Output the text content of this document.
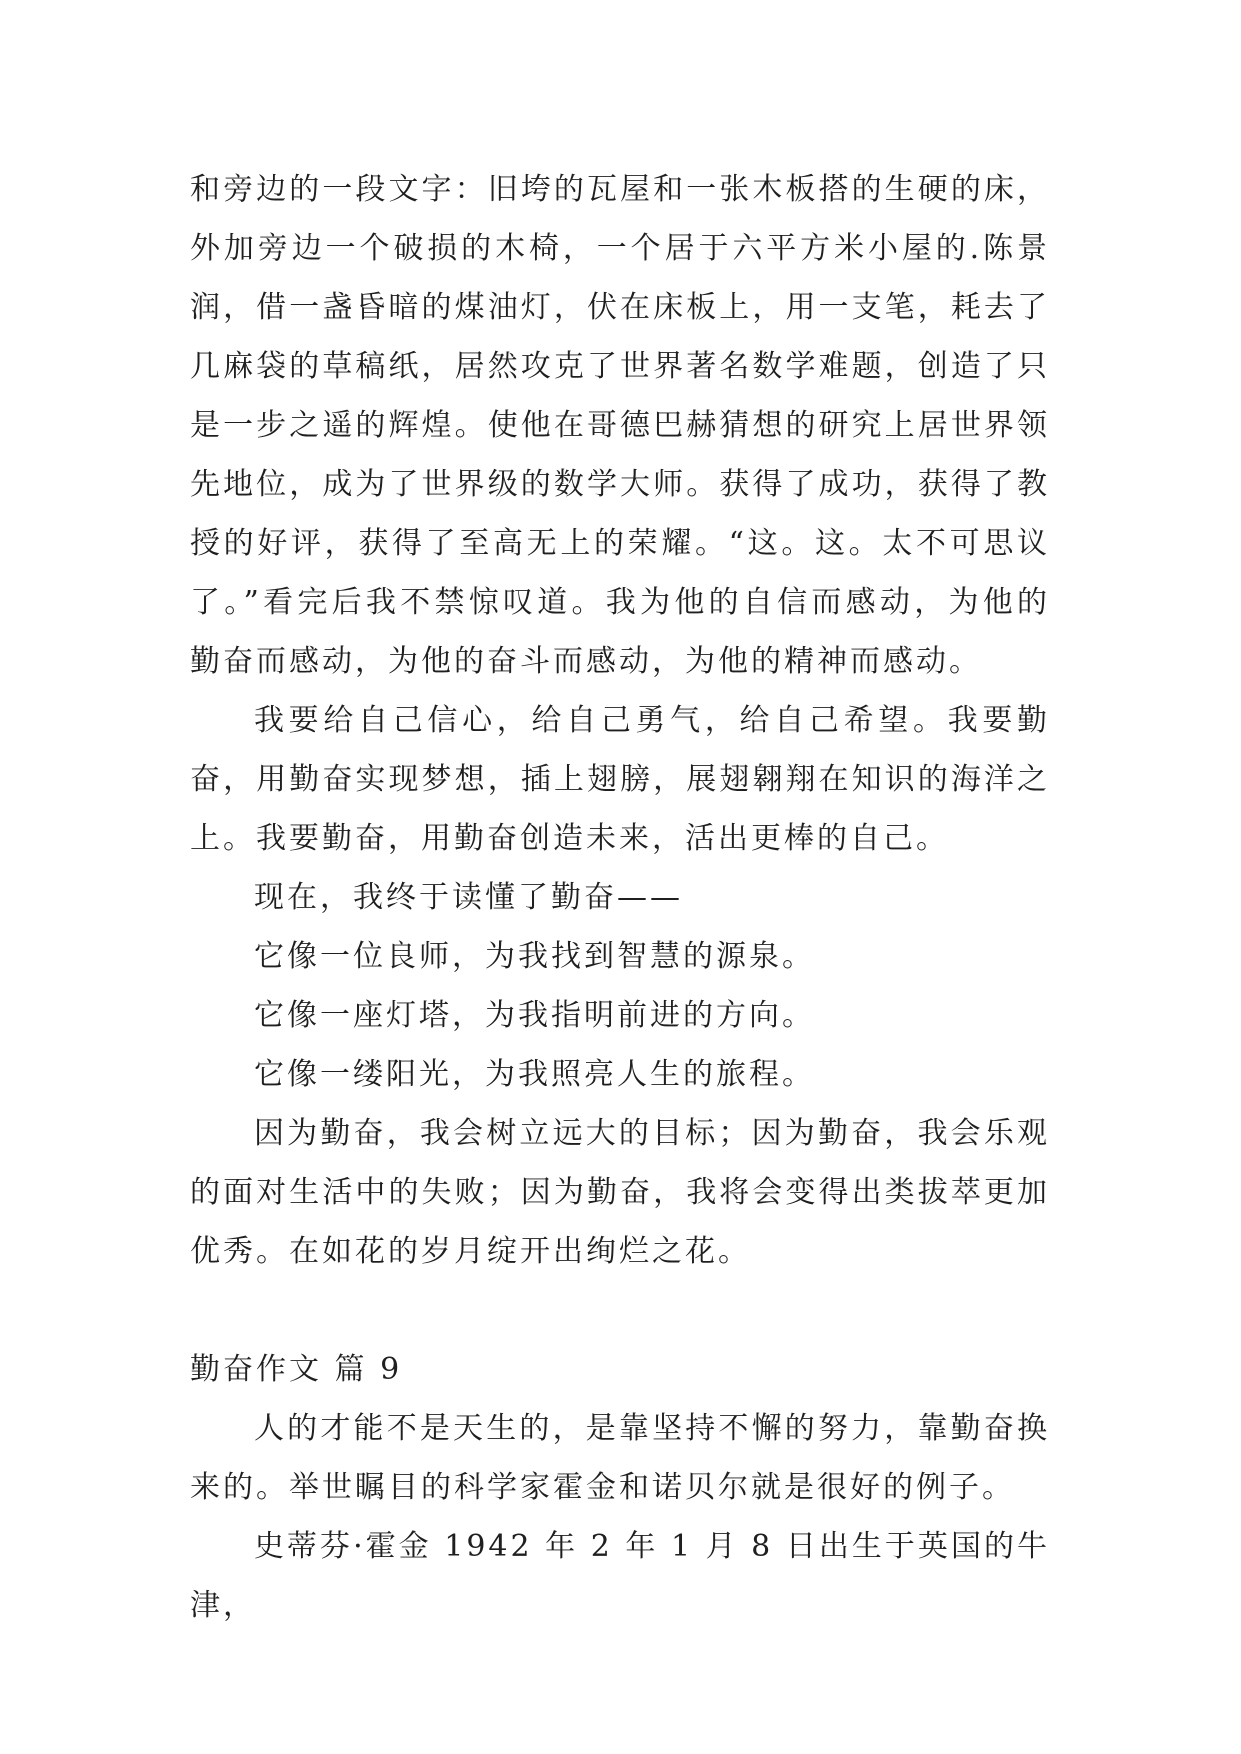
和旁边的一段文字：旧垮的瓦屋和一张木板搭的生硬的床，外加旁边一个破损的木椅，一个居于六平方米小屋的.陈景润，借一盏昏暗的煤油灯，伏在床板上，用一支笔，耗去了几麻袋的草稿纸，居然攻克了世界著名数学难题，创造了只是一步之遥的辉煌。使他在哥德巴赫猜想的研究上居世界领先地位，成为了世界级的数学大师。获得了成功，获得了教授的好评，获得了至高无上的荣耀。“这。这。太不可思议了。”看完后我不禁惊叹道。我为他的自信而感动，为他的勤奋而感动，为他的奋斗而感动，为他的精神而感动。

我要给自己信心，给自己勇气，给自己希望。我要勤奋，用勤奋实现梦想，插上翅膀，展翅翱翔在知识的海洋之上。我要勤奋，用勤奋创造未来，活出更棒的自己。

现在，我终于读懂了勤奋——

它像一位良师，为我找到智慧的源泉。

它像一座灯塔，为我指明前进的方向。

它像一缕阳光，为我照亮人生的旅程。

因为勤奋，我会树立远大的目标；因为勤奋，我会乐观的面对生活中的失败；因为勤奋，我将会变得出类拔萃更加优秀。在如花的岁月绽开出绚烂之花。

勤奋作文 篇 9

人的才能不是天生的，是靠坚持不懈的努力，靠勤奋换来的。举世瞩目的科学家霍金和诺贝尔就是很好的例子。

史蒂芬·霍金 1942 年 2 年 1 月 8 日出生于英国的牛津，
